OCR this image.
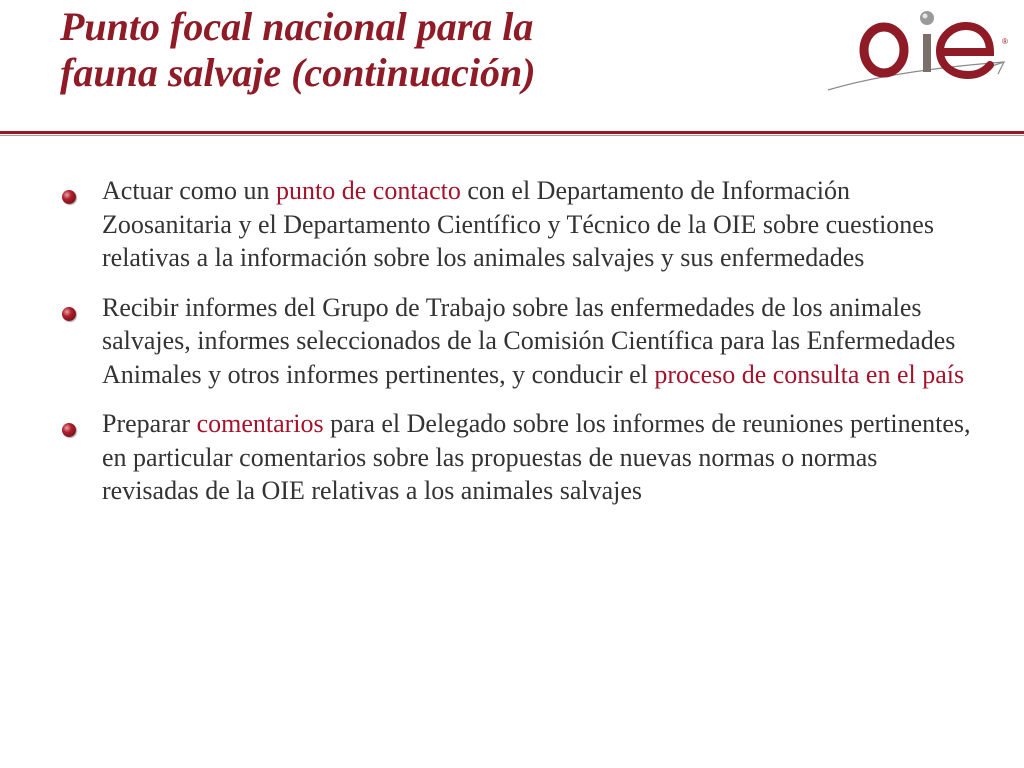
Punto focal nacional para la
fauna salvaje (continuación)
®
Actuar como un punto de contacto con el Departamento de Información Zoosanitaria y el Departamento Científico y Técnico de la OIE sobre cuestiones relativas a la información sobre los animales salvajes y sus enfermedades
Recibir informes del Grupo de Trabajo sobre las enfermedades de los animales salvajes, informes seleccionados de la Comisión Científica para las Enfermedades Animales y otros informes pertinentes, y conducir el proceso de consulta en el país
Preparar comentarios para el Delegado sobre los informes de reuniones pertinentes, en particular comentarios sobre las propuestas de nuevas normas o normas revisadas de la OIE relativas a los animales salvajes
